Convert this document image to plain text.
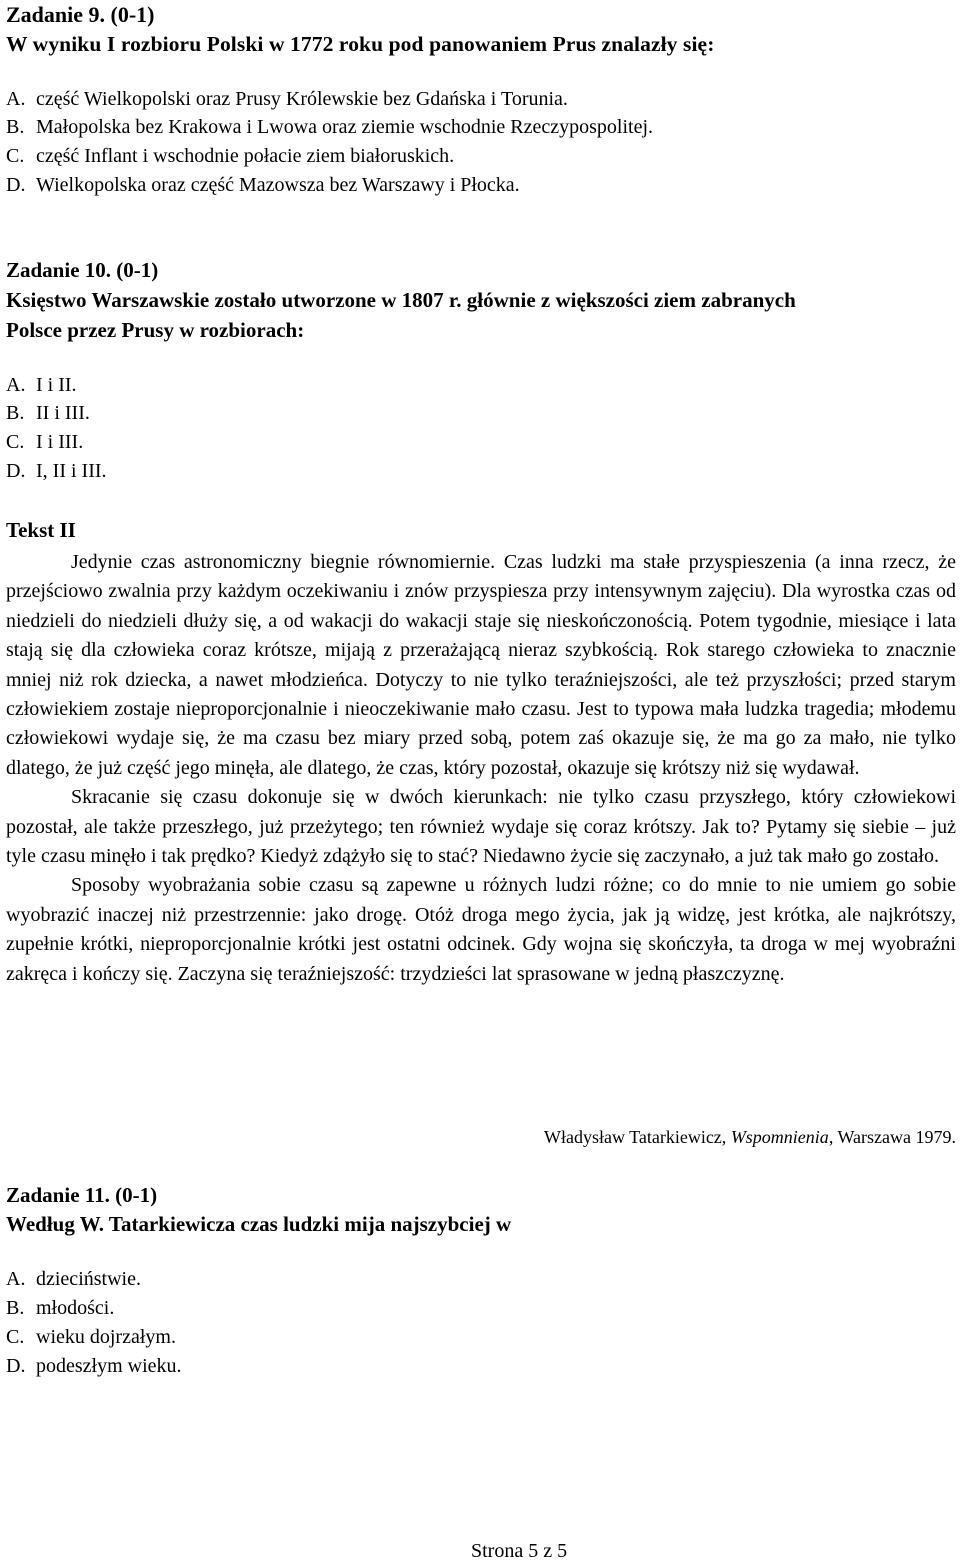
Zadanie 9. (0-1)
W wyniku I rozbioru Polski w 1772 roku pod panowaniem Prus znalazły się:
A. część Wielkopolski oraz Prusy Królewskie bez Gdańska i Torunia.
B. Małopolska bez Krakowa i Lwowa oraz ziemie wschodnie Rzeczypospolitej.
C. część Inflant i wschodnie połacie ziem białoruskich.
D. Wielkopolska oraz część Mazowsza bez Warszawy i Płocka.
Zadanie 10. (0-1)
Księstwo Warszawskie zostało utworzone w 1807 r. głównie z większości ziem zabranych
Polsce przez Prusy w rozbiorach:
A. I i II.
B. II i III.
C. I i III.
D. I, II i III.
Tekst II

Jedynie czas astronomiczny biegnie równomiernie. Czas ludzki ma stałe przyspieszenia (a inna rzecz, że przejściowo zwalnia przy każdym oczekiwaniu i znów przyspiesza przy intensywnym zajęciu). Dla wyrostka czas od niedzieli do niedzieli dłuży się, a od wakacji do wakacji staje się nieskończonością. Potem tygodnie, miesiące i lata stają się dla człowieka coraz krótsze, mijają z przerażającą nieraz szybkością. Rok starego człowieka to znacznie mniej niż rok dziecka, a nawet młodzieńca. Dotyczy to nie tylko teraźniejszości, ale też przyszłości; przed starym człowiekiem zostaje nieproporcjonalnie i nieoczekiwanie mało czasu. Jest to typowa mała ludzka tragedia; młodemu człowiekowi wydaje się, że ma czasu bez miary przed sobą, potem zaś okazuje się, że ma go za mało, nie tylko dlatego, że już część jego minęła, ale dlatego, że czas, który pozostał, okazuje się krótszy niż się wydawał.

Skracanie się czasu dokonuje się w dwóch kierunkach: nie tylko czasu przyszłego, który człowiekowi pozostał, ale także przeszłego, już przeżytego; ten również wydaje się coraz krótszy. Jak to? Pytamy się siebie – już tyle czasu minęło i tak prędko? Kiedyż zdążyło się to stać? Niedawno życie się zaczynało, a już tak mało go zostało.

Sposoby wyobrażania sobie czasu są zapewne u różnych ludzi różne; co do mnie to nie umiem go sobie wyobrazić inaczej niż przestrzennie: jako drogę. Otóż droga mego życia, jak ją widzę, jest krótka, ale najkrótszy, zupełnie krótki, nieproporcjonalnie krótki jest ostatni odcinek. Gdy wojna się skończyła, ta droga w mej wyobraźni zakręca i kończy się. Zaczyna się teraźniejszość: trzydzieści lat sprasowane w jedną płaszczyznę.

Władysław Tatarkiewicz, Wspomnienia, Warszawa 1979.
Zadanie 11. (0-1)
Według W. Tatarkiewicza czas ludzki mija najszybciej w
A. dzieciństwie.
B. młodości.
C. wieku dojrzałym.
D. podeszłym wieku.
Strona 5 z 5
